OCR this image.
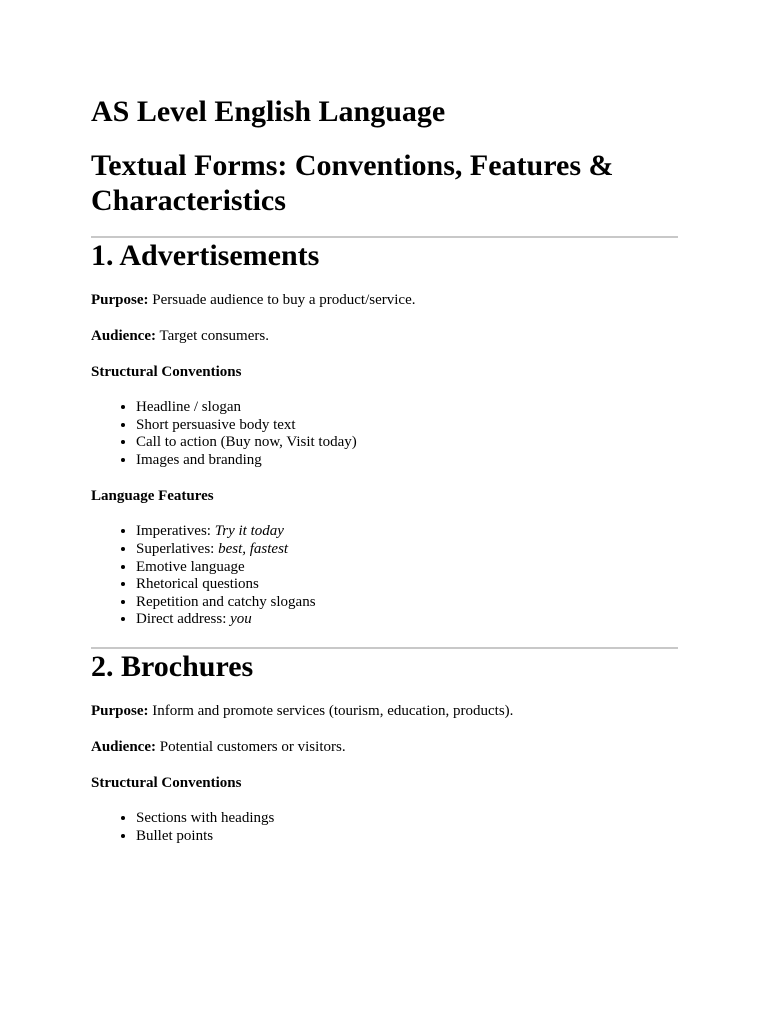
AS Level English Language
Textual Forms: Conventions, Features & Characteristics
1. Advertisements

Purpose: Persuade audience to buy a product/service.

Audience: Target consumers.

Structural Conventions

• Headline / slogan
• Short persuasive body text
• Call to action (Buy now, Visit today)
• Images and branding

Language Features

• Imperatives: Try it today
• Superlatives: best, fastest
• Emotive language
• Rhetorical questions
• Repetition and catchy slogans
• Direct address: you
2. Brochures

Purpose: Inform and promote services (tourism, education, products).

Audience: Potential customers or visitors.

Structural Conventions

• Sections with headings
• Bullet points
